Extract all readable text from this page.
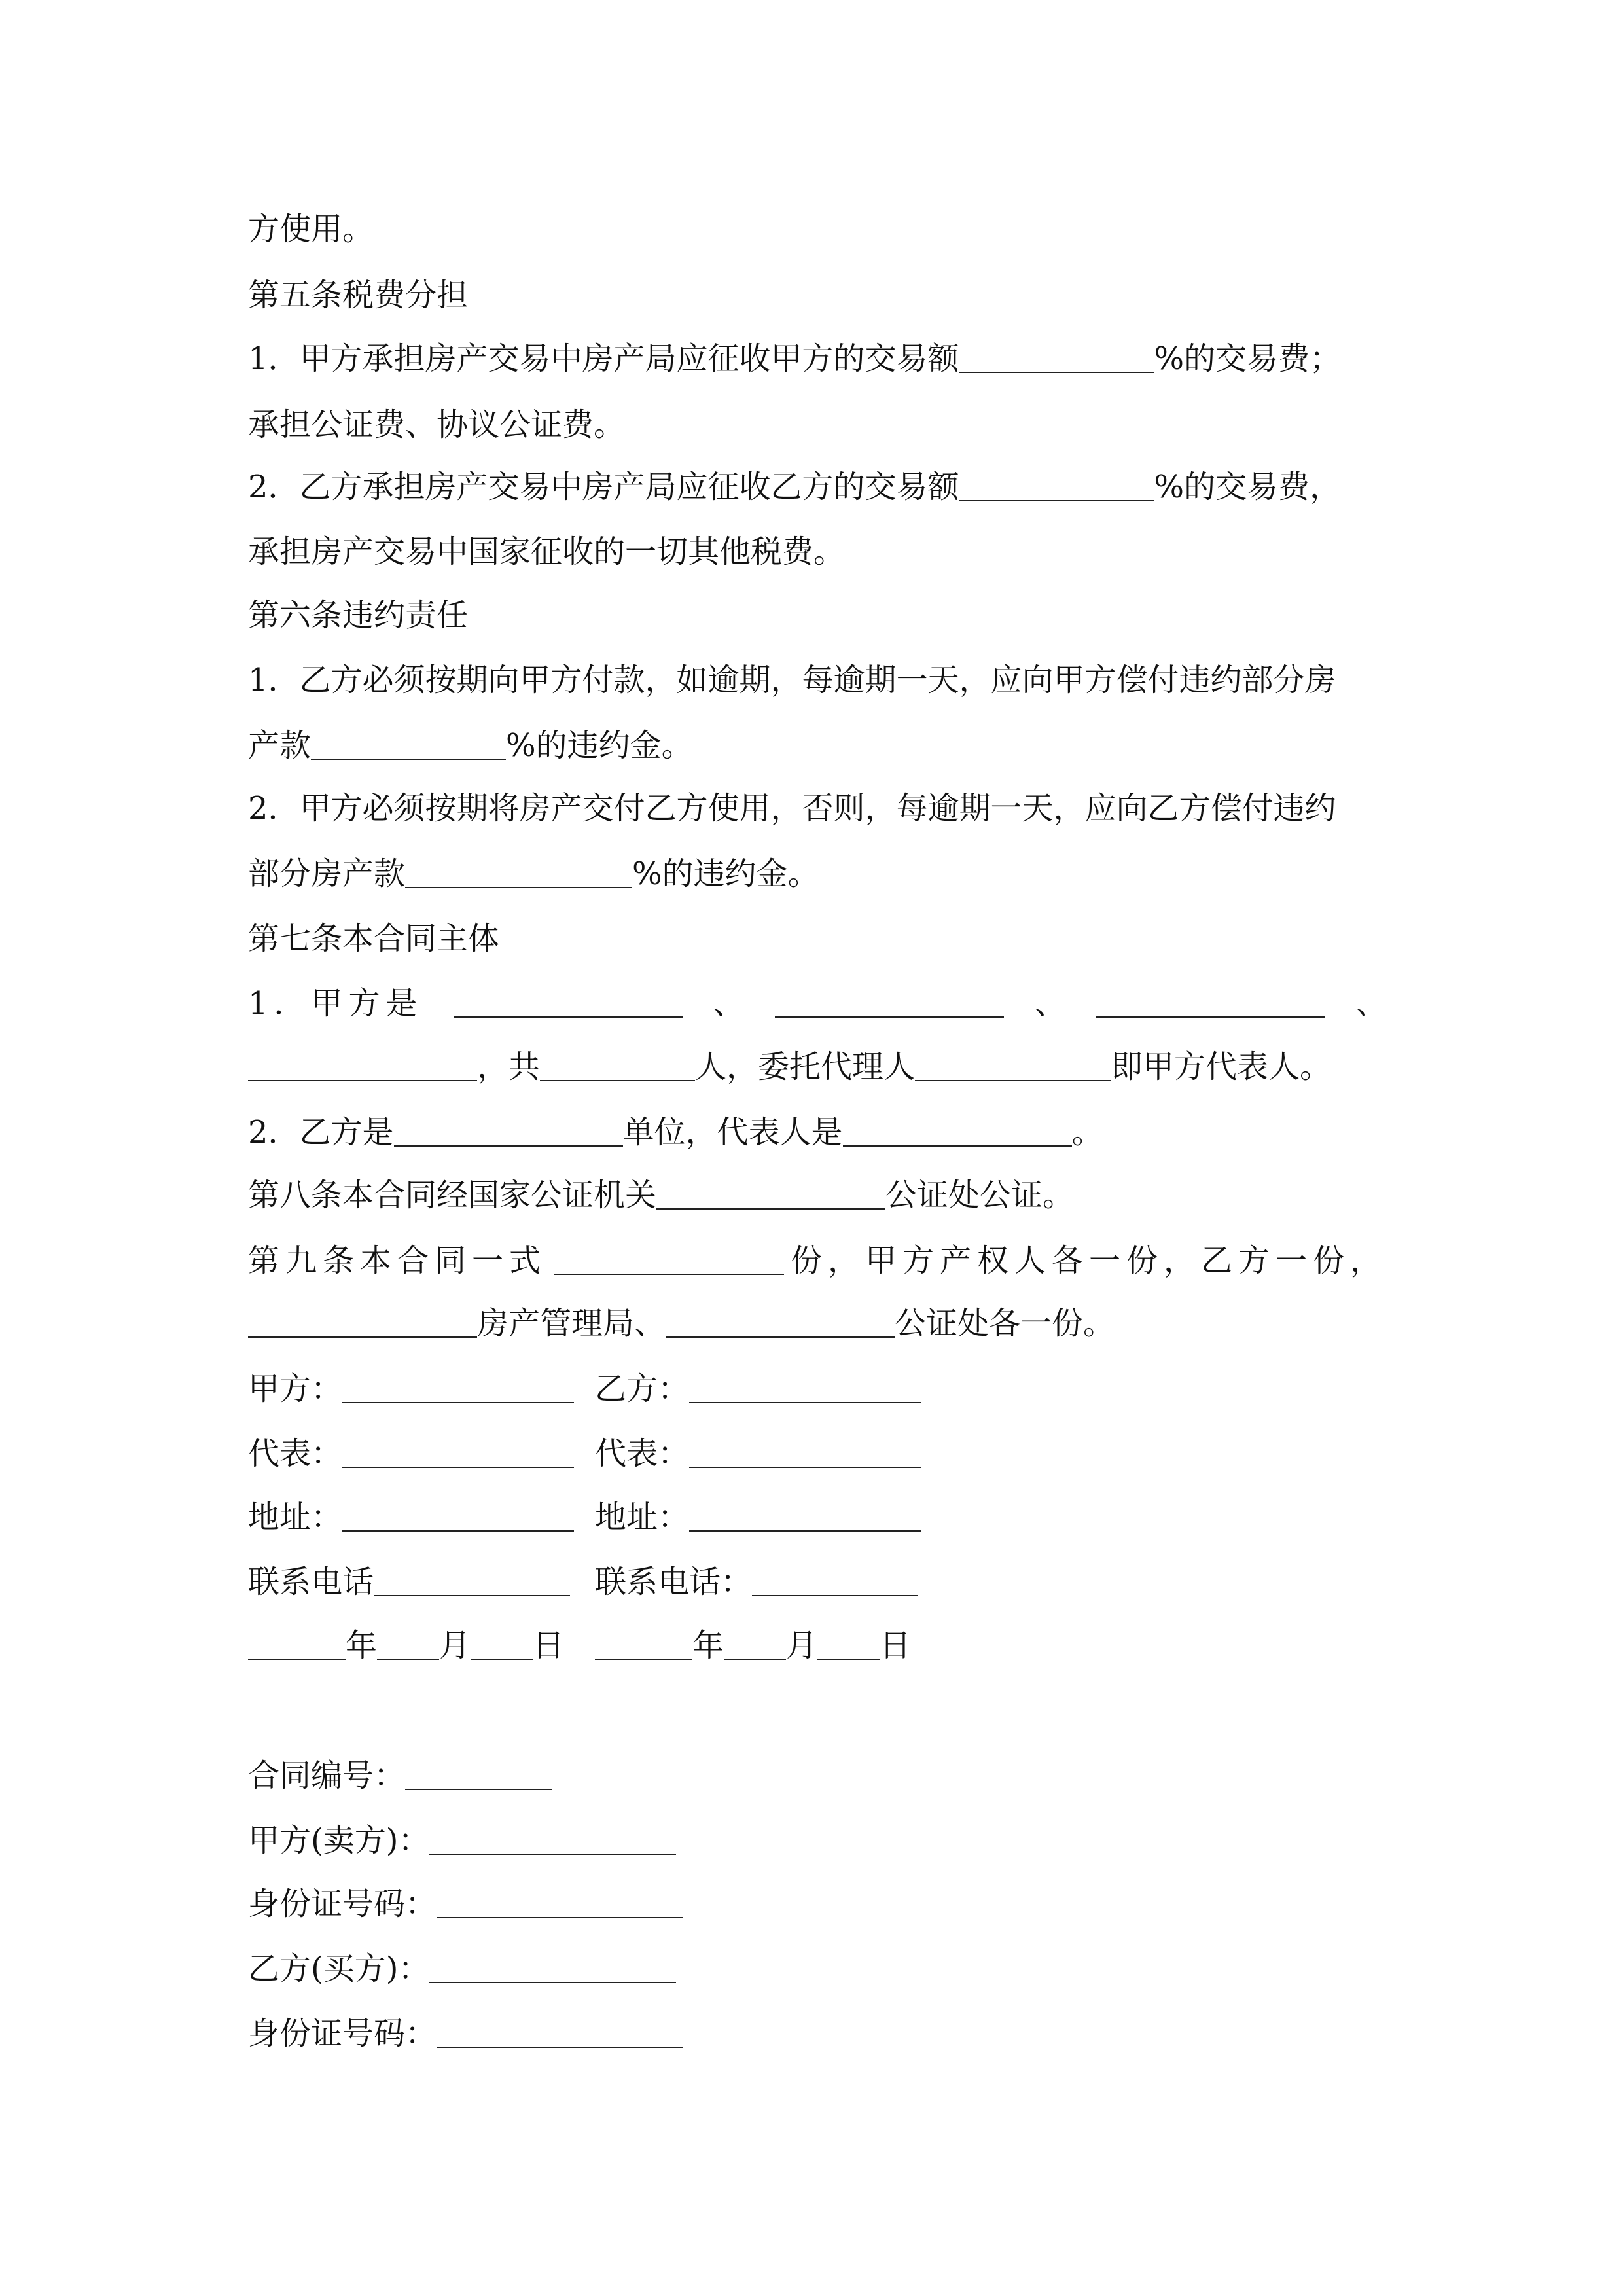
方使用。
第五条税费分担
1．甲方承担房产交易中房产局应征收甲方的交易额	%的交易费；
承担公证费、协议公证费。
2．乙方承担房产交易中房产局应征收乙方的交易额	%的交易费，
承担房产交易中国家征收的一切其他税费。
第六条违约责任
1．乙方必须按期向甲方付款，如逾期，每逾期一天，应向甲方偿付违约部分房
产款	%的违约金。
2．甲方必须按期将房产交付乙方使用，否则，每逾期一天，应向乙方偿付违约
部分房产款	%的违约金。
第七条本合同主体
1．甲方是	、	、	、
，共	人，委托代理人	即甲方代表人。
2．乙方是	单位，代表人是	。
第八条本合同经国家公证机关	公证处公证。
第九条本合同一式	份，甲方产权人各一份，乙方一份，
房产管理局、	公证处各一份。
甲方：	乙方：
代表：	代表：
地址：	地址：
联系电话	联系电话：
年 月 日	年 月 日
合同编号：
甲方(卖方)：
身份证号码：
乙方(买方)：
身份证号码：
